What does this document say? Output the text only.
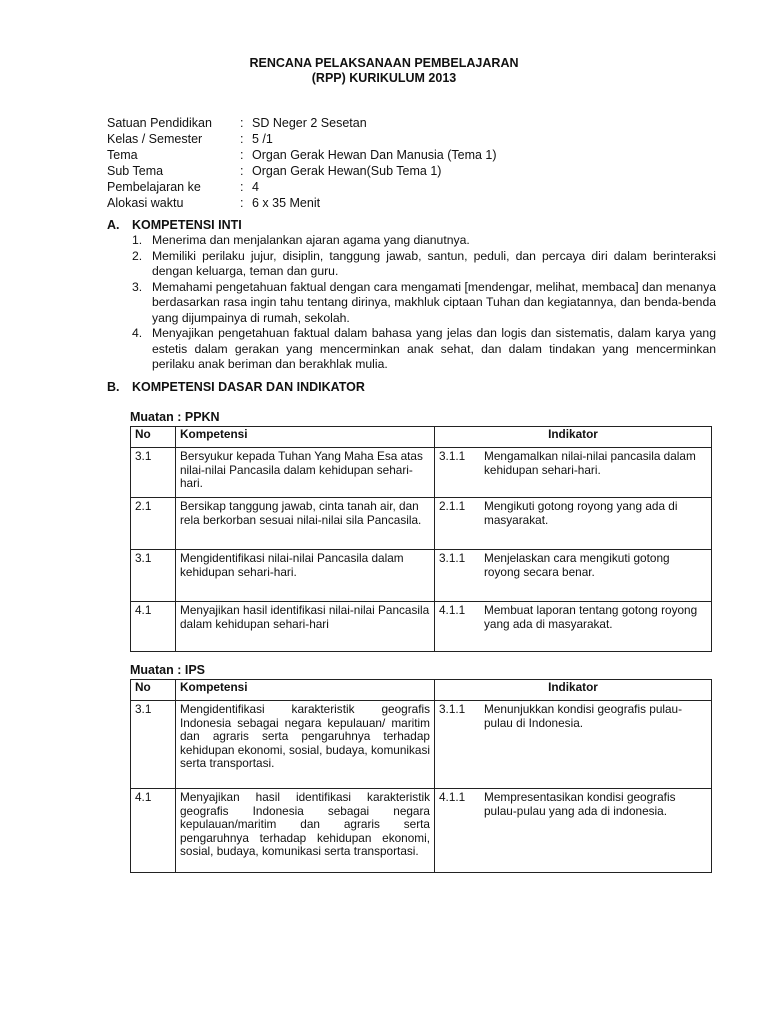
RENCANA PELAKSANAAN PEMBELAJARAN
(RPP) KURIKULUM 2013
Satuan Pendidikan	: SD Neger 2 Sesetan
Kelas / Semester	: 5 /1
Tema	: Organ Gerak Hewan Dan Manusia (Tema 1)
Sub Tema	: Organ Gerak Hewan(Sub Tema 1)
Pembelajaran ke	: 4
Alokasi waktu	: 6 x 35 Menit
A. KOMPETENSI INTI
1. Menerima dan menjalankan ajaran agama yang dianutnya.
2. Memiliki perilaku jujur, disiplin, tanggung jawab, santun, peduli, dan percaya diri dalam berinteraksi dengan keluarga, teman dan guru.
3. Memahami pengetahuan faktual dengan cara mengamati [mendengar, melihat, membaca] dan menanya berdasarkan rasa ingin tahu tentang dirinya, makhluk ciptaan Tuhan dan kegiatannya, dan benda-benda yang dijumpainya di rumah, sekolah.
4. Menyajikan pengetahuan faktual dalam bahasa yang jelas dan logis dan sistematis, dalam karya yang estetis dalam gerakan yang mencerminkan anak sehat, dan dalam tindakan yang mencerminkan perilaku anak beriman dan berakhlak mulia.
B. KOMPETENSI DASAR DAN INDIKATOR
Muatan : PPKN
No	Kompetensi	Indikator
3.1	Bersyukur kepada Tuhan Yang Maha Esa atas nilai-nilai Pancasila dalam kehidupan sehari-hari.	3.1.1 Mengamalkan nilai-nilai pancasila dalam kehidupan sehari-hari.

2.1	Bersikap tanggung jawab, cinta tanah air, dan rela berkorban sesuai nilai-nilai sila Pancasila.	2.1.1 Mengikuti gotong royong yang ada di masyarakat.

3.1	Mengidentifikasi nilai-nilai Pancasila dalam kehidupan sehari-hari.	3.1.1 Menjelaskan cara mengikuti gotong royong secara benar.

4.1	Menyajikan hasil identifikasi nilai-nilai Pancasila dalam kehidupan sehari-hari	4.1.1 Membuat laporan tentang gotong royong yang ada di masyarakat.
Muatan : IPS
No	Kompetensi	Indikator
3.1	Mengidentifikasi karakteristik geografis Indonesia sebagai negara kepulauan/ maritim dan agraris serta pengaruhnya terhadap kehidupan ekonomi, sosial, budaya, komunikasi serta transportasi.	3.1.1 Menunjukkan kondisi geografis pulau-pulau di Indonesia.

4.1	Menyajikan hasil identifikasi karakteristik geografis Indonesia sebagai negara kepulauan/maritim dan agraris serta pengaruhnya terhadap kehidupan ekonomi, sosial, budaya, komunikasi serta transportasi.	4.1.1 Mempresentasikan kondisi geografis pulau-pulau yang ada di indonesia.
